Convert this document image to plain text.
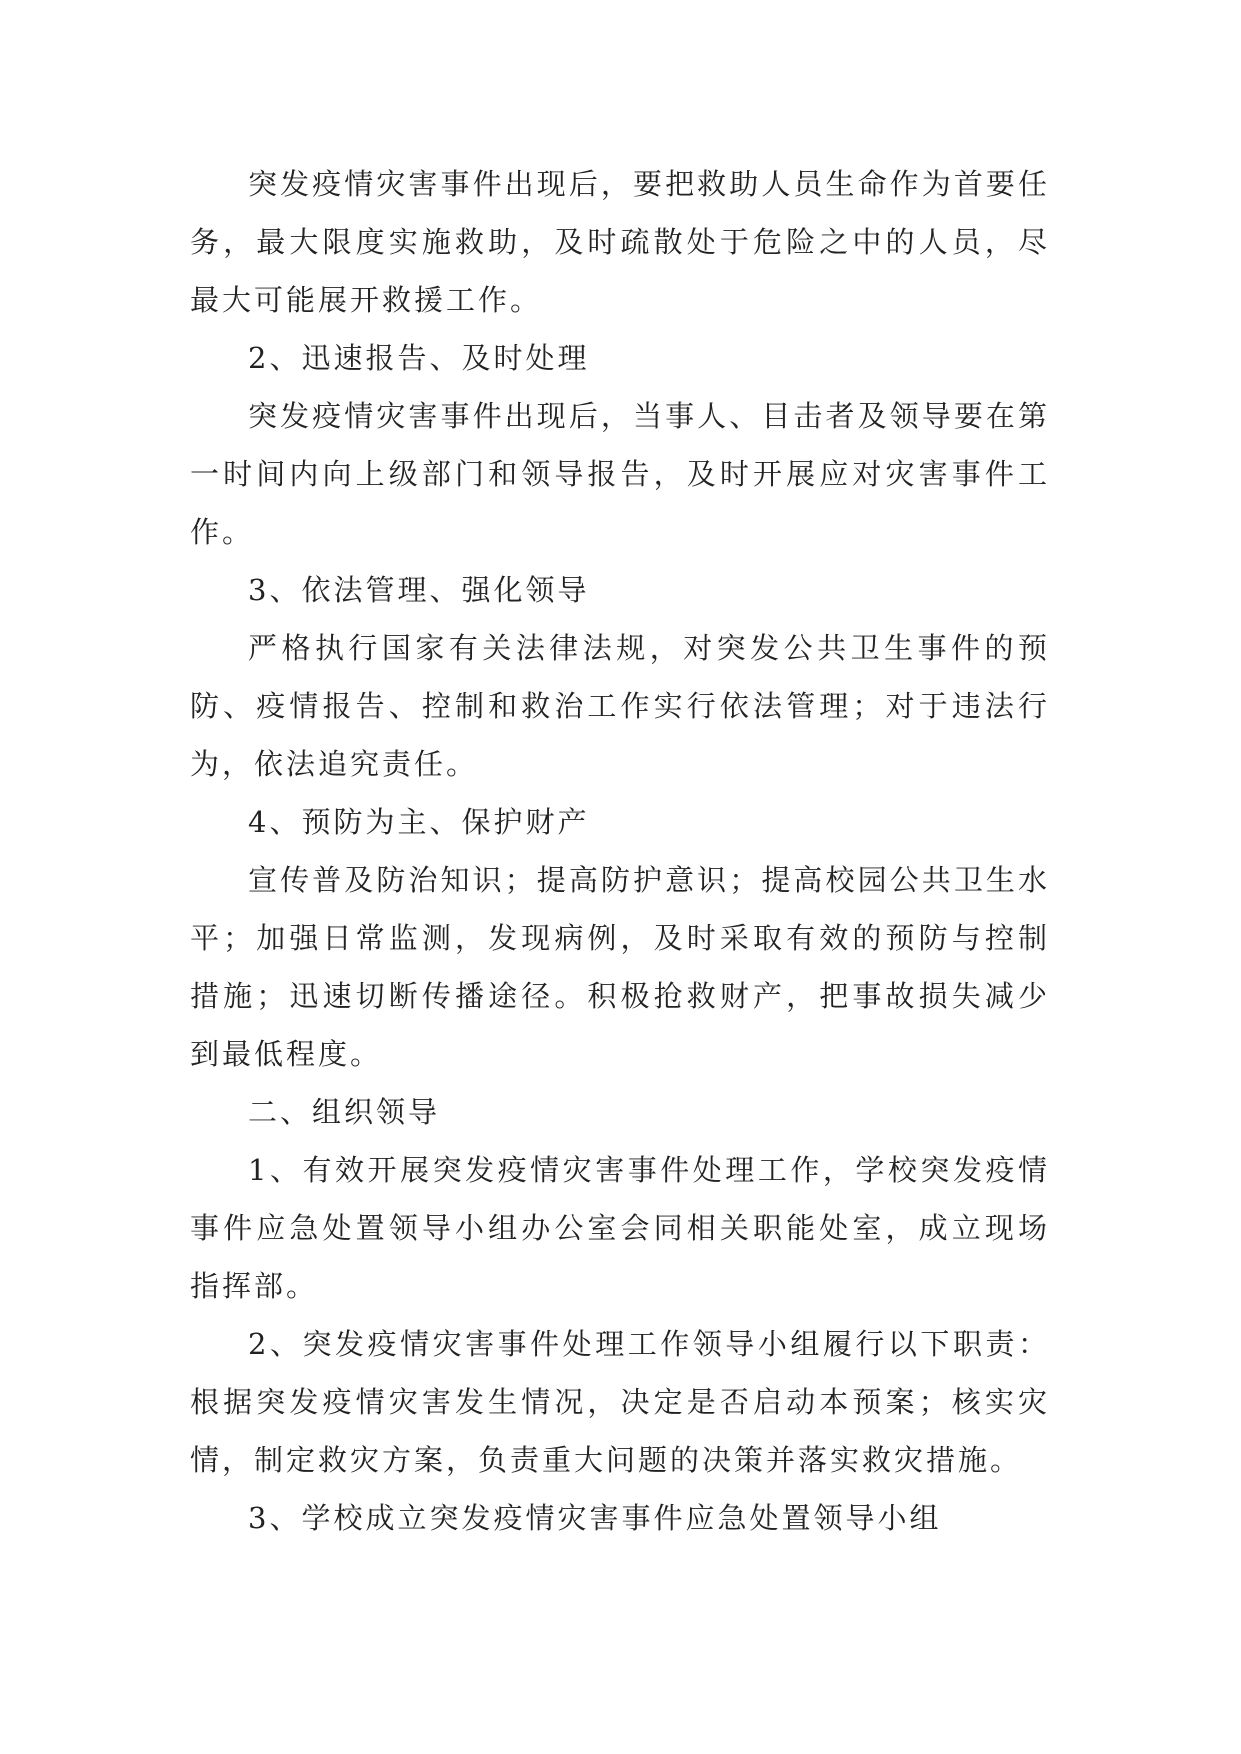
突发疫情灾害事件出现后，要把救助人员生命作为首要任务，最大限度实施救助，及时疏散处于危险之中的人员，尽最大可能展开救援工作。

2、迅速报告、及时处理

突发疫情灾害事件出现后，当事人、目击者及领导要在第一时间内向上级部门和领导报告，及时开展应对灾害事件工作。

3、依法管理、强化领导

严格执行国家有关法律法规，对突发公共卫生事件的预防、疫情报告、控制和救治工作实行依法管理；对于违法行为，依法追究责任。

4、预防为主、保护财产

宣传普及防治知识；提高防护意识；提高校园公共卫生水平；加强日常监测，发现病例，及时采取有效的预防与控制措施；迅速切断传播途径。积极抢救财产，把事故损失减少到最低程度。

二、组织领导

1、有效开展突发疫情灾害事件处理工作，学校突发疫情事件应急处置领导小组办公室会同相关职能处室，成立现场指挥部。

2、突发疫情灾害事件处理工作领导小组履行以下职责：根据突发疫情灾害发生情况，决定是否启动本预案；核实灾情，制定救灾方案，负责重大问题的决策并落实救灾措施。

3、学校成立突发疫情灾害事件应急处置领导小组
